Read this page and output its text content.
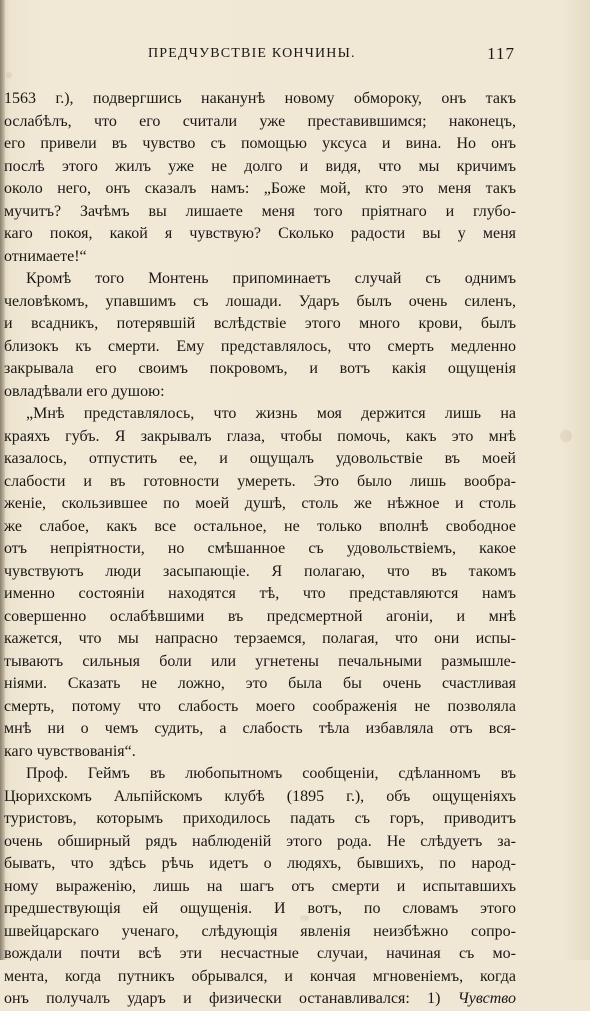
ПРЕДЧУВСТВІЕ КОНЧИНЫ.	117
1563 г.), подвергшись наканунѣ новому обмороку, онъ такъ
ослабѣлъ, что его считали уже преставившимся; наконецъ,
его привели въ чувство съ помощью уксуса и вина. Но онъ
послѣ этого жилъ уже не долго и видя, что мы кричимъ
около него, онъ сказалъ намъ: „Боже мой, кто это меня такъ
мучитъ? Зачѣмъ вы лишаете меня того пріятнаго и глубо-
каго покоя, какой я чувствую? Сколько радости вы у меня
отнимаете!“
Кромѣ того Монтень припоминаетъ случай съ однимъ
человѣкомъ, упавшимъ съ лошади. Ударъ былъ очень силенъ,
и всадникъ, потерявшій вслѣдствіе этого много крови, былъ
близокъ къ смерти. Ему представлялось, что смерть медленно
закрывала его своимъ покровомъ, и вотъ какія ощущенія
овладѣвали его душою:
„Мнѣ представлялось, что жизнь моя держится лишь на
краяхъ губъ. Я закрывалъ глаза, чтобы помочь, какъ это мнѣ
казалось, отпустить ее, и ощущалъ удовольствіе въ моей
слабости и въ готовности умереть. Это было лишь вообра-
женіе, скользившее по моей душѣ, столь же нѣжное и столь
же слабое, какъ все остальное, не только вполнѣ свободное
отъ непріятности, но смѣшанное съ удовольствіемъ, какое
чувствуютъ люди засыпающіе. Я полагаю, что въ такомъ
именно состояніи находятся тѣ, что представляются намъ
совершенно ослабѣвшими въ предсмертной агоніи, и мнѣ
кажется, что мы напрасно терзаемся, полагая, что они испы-
тываютъ сильныя боли или угнетены печальными размышле-
ніями. Сказать не ложно, это была бы очень счастливая
смерть, потому что слабость моего соображенія не позволяла
мнѣ ни о чемъ судить, а слабость тѣла избавляла отъ вся-
каго чувствованія“.
Проф. Геймъ въ любопытномъ сообщеніи, сдѣланномъ въ
Цюрихскомъ Альпійскомъ клубѣ (1895 г.), объ ощущеніяхъ
туристовъ, которымъ приходилось падать съ горъ, приводитъ
очень обширный рядъ наблюденій этого рода. Не слѣдуетъ за-
бывать, что здѣсь рѣчь идетъ о людяхъ, бывшихъ, по народ-
ному выраженію, лишь на шагъ отъ смерти и испытавшихъ
предшествующія ей ощущенія. И вотъ, по словамъ этого
швейцарскаго ученаго, слѣдующія явленія неизбѣжно сопро-
вождали почти всѣ эти несчастные случаи, начиная съ мо-
мента, когда путникъ обрывался, и кончая мгновеніемъ, когда
онъ получалъ ударъ и физически останавливался: 1) Чувство
